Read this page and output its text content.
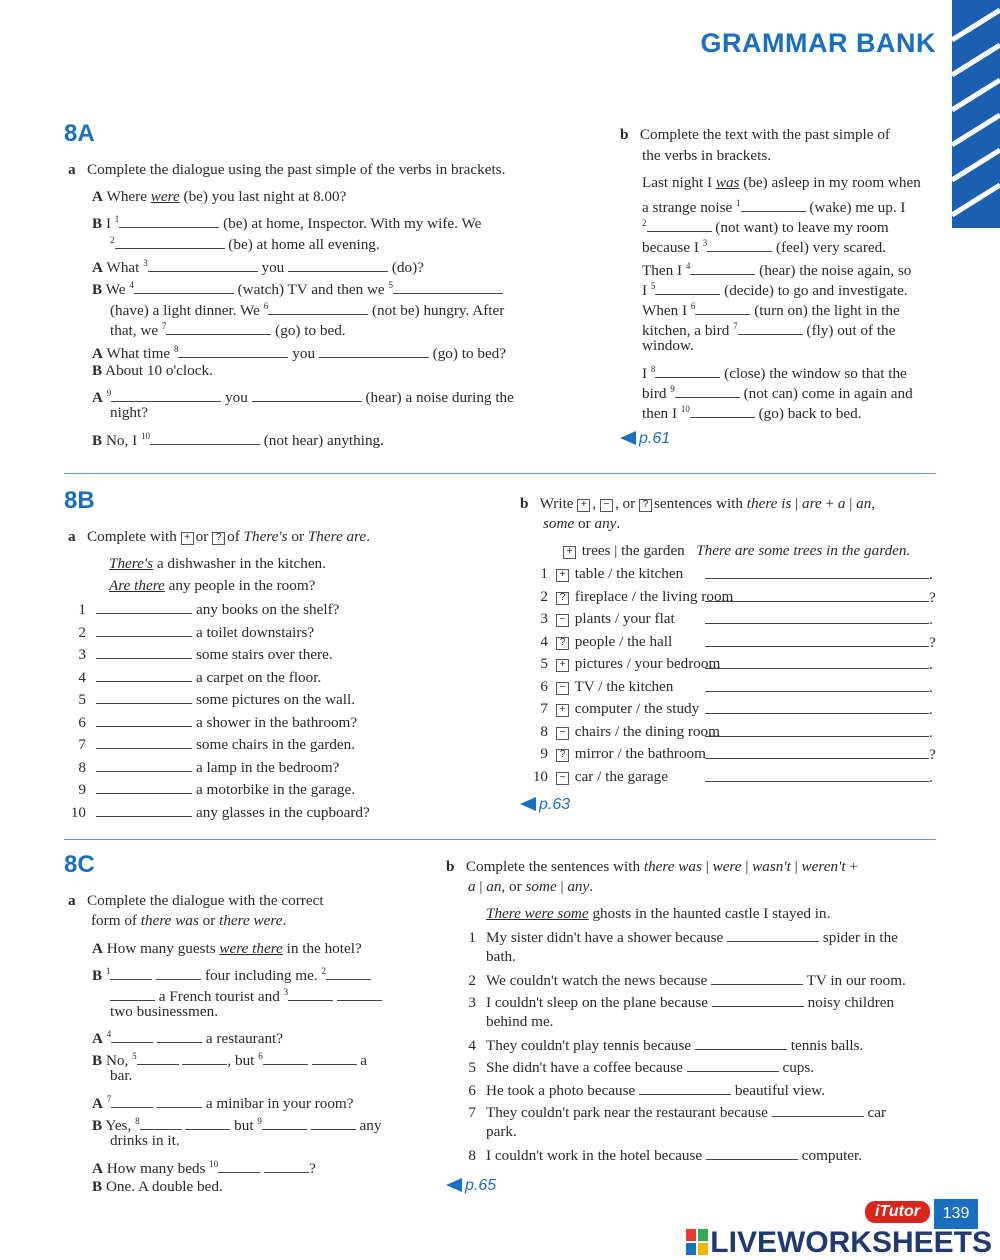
GRAMMAR BANK
8A
a Complete the dialogue using the past simple of the verbs in brackets.
A Where were (be) you last night at 8.00?
B I $^1$	(be) at home, Inspector. With my wife. We
$^2$	(be) at home all evening.
A What $^3$	you	(do)?
B We $^4$	(watch) TV and then we $^5$
(have) a light dinner. We $^6$	(not be) hungry. After
that, we $^7$	(go) to bed.
A What time $^8$	you	(go) to bed?
B About 10 o'clock.
A $^9$	you	(hear) a noise during the
night?
B No, I $^{10}$	(not hear) anything.
b Complete the text with the past simple of
the verbs in brackets.
Last night I was (be) asleep in my room when
a strange noise $^1$	(wake) me up. I
$^2$	(not want) to leave my room
because I $^3$	(feel) very scared.
Then I $^4$	(hear) the noise again, so
I $^5$	(decide) to go and investigate.
When I $^6$	(turn on) the light in the
kitchen, a bird $^7$	(fly) out of the
window.
I $^8$	(close) the window so that the
bird $^9$	(not can) come in again and
then I $^{10}$	(go) back to bed.
p.61
8B
a   Complete with + or ? of There's or There are.
There's a dishwasher in the kitchen.
Are there any people in the room?
1	any books on the shelf?
2	a toilet downstairs?
3	some stairs over there.
4	a carpet on the floor.
5	some pictures on the wall.
6	a shower in the bathroom?
7	some chairs in the garden.
8	a lamp in the bedroom?
9	a motorbike in the garage.
10	any glasses in the cupboard?
b   Write + , − , or ? sentences with there is | are + a | an,
some or any.
+ trees | the garden   There are some trees in the garden.
1 + table / the kitchen	.
2 ? fireplace / the living room	?
3 − plants / your flat	.
4 ? people / the hall	?
5 + pictures / your bedroom	.
6 − TV / the kitchen	.
7 + computer / the study	.
8 − chairs / the dining room	.
9 ? mirror / the bathroom	?
10 − car / the garage	.
p.63
8C
a Complete the dialogue with the correct
form of there was or there were.
A How many guests were there in the hotel?
B $^1$	four including me. $^2$
a French tourist and $^3$
two businessmen.
A $^4$	a restaurant?
B No, $^5$	, but $^6$	a
bar.
A $^7$	a minibar in your room?
B Yes, $^8$	but $^9$	any
drinks in it.
A How many beds $^{10}$	?
B One. A double bed.
b   Complete the sentences with there was | were | wasn't | weren't +
a | an, or some | any.
There were some ghosts in the haunted castle I stayed in.
1 My sister didn't have a shower because	spider in the
bath.
2 We couldn't watch the news because	TV in our room.
3 I couldn't sleep on the plane because	noisy children
behind me.
4 They couldn't play tennis because	tennis balls.
5 She didn't have a coffee because	cups.
6 He took a photo because	beautiful view.
7 They couldn't park near the restaurant because	car
park.
8 I couldn't work in the hotel because	computer.
p.65
iTutor	139
LIVEWORKSHEETS
